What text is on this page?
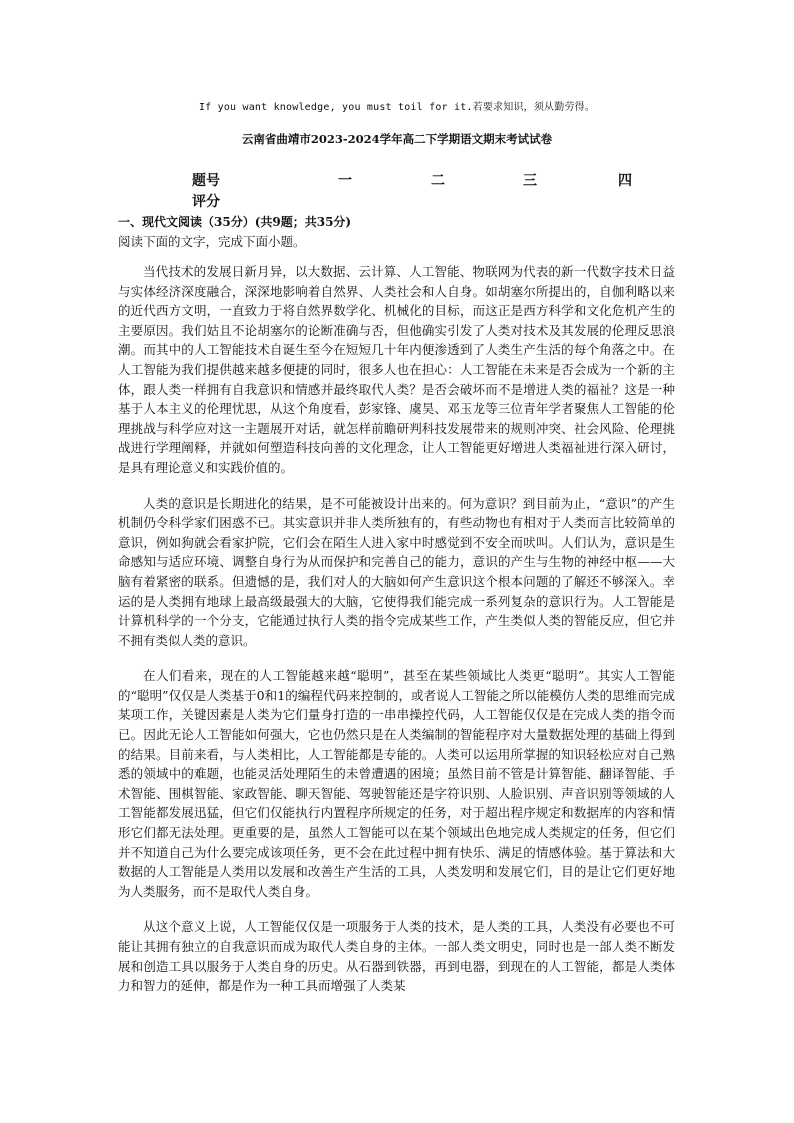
If you want knowledge, you must toil for it.若要求知识，须从勤劳得。
云南省曲靖市2023-2024学年高二下学期语文期末考试试卷
题号	一	二	三	四
评分
一、现代文阅读（35分）(共9题；共35分)
阅读下面的文字，完成下面小题。

当代技术的发展日新月异，以大数据、云计算、人工智能、物联网为代表的新一代数字技术日益与实体经济深度融合，深深地影响着自然界、人类社会和人自身。如胡塞尔所提出的，自伽利略以来的近代西方文明，一直致力于将自然界数学化、机械化的目标，而这正是西方科学和文化危机产生的主要原因。我们姑且不论胡塞尔的论断准确与否，但他确实引发了人类对技术及其发展的伦理反思浪潮。而其中的人工智能技术自诞生至今在短短几十年内便渗透到了人类生产生活的每个角落之中。在人工智能为我们提供越来越多便捷的同时，很多人也在担心：人工智能在未来是否会成为一个新的主体，跟人类一样拥有自我意识和情感并最终取代人类？是否会破坏而不是增进人类的福祉？这是一种基于人本主义的伦理忧思，从这个角度看，彭家锋、虞昊、邓玉龙等三位青年学者聚焦人工智能的伦理挑战与科学应对这一主题展开对话，就怎样前瞻研判科技发展带来的规则冲突、社会风险、伦理挑战进行学理阐释，并就如何塑造科技向善的文化理念，让人工智能更好增进人类福祉进行深入研讨，是具有理论意义和实践价值的。

人类的意识是长期进化的结果，是不可能被设计出来的。何为意识？到目前为止，“意识”的产生机制仍令科学家们困惑不已。其实意识并非人类所独有的，有些动物也有相对于人类而言比较简单的意识，例如狗就会看家护院，它们会在陌生人进入家中时感觉到不安全而吠叫。人们认为，意识是生命感知与适应环境、调整自身行为从而保护和完善自己的能力，意识的产生与生物的神经中枢——大脑有着紧密的联系。但遗憾的是，我们对人的大脑如何产生意识这个根本问题的了解还不够深入。幸运的是人类拥有地球上最高级最强大的大脑，它使得我们能完成一系列复杂的意识行为。人工智能是计算机科学的一个分支，它能通过执行人类的指令完成某些工作，产生类似人类的智能反应，但它并不拥有类似人类的意识。

在人们看来，现在的人工智能越来越“聪明”，甚至在某些领域比人类更“聪明”。其实人工智能的“聪明”仅仅是人类基于0和1的编程代码来控制的，或者说人工智能之所以能模仿人类的思维而完成某项工作，关键因素是人类为它们量身打造的一串串操控代码，人工智能仅仅是在完成人类的指令而已。因此无论人工智能如何强大，它也仍然只是在人类编制的智能程序对大量数据处理的基础上得到的结果。目前来看，与人类相比，人工智能都是专能的。人类可以运用所掌握的知识轻松应对自己熟悉的领域中的难题，也能灵活处理陌生的未曾遭遇的困境；虽然目前不管是计算智能、翻译智能、手术智能、围棋智能、家政智能、聊天智能、驾驶智能还是字符识别、人脸识别、声音识别等领域的人工智能都发展迅猛，但它们仅能执行内置程序所规定的任务，对于超出程序规定和数据库的内容和情形它们都无法处理。更重要的是，虽然人工智能可以在某个领域出色地完成人类规定的任务，但它们并不知道自己为什么要完成该项任务，更不会在此过程中拥有快乐、满足的情感体验。基于算法和大数据的人工智能是人类用以发展和改善生产生活的工具，人类发明和发展它们，目的是让它们更好地为人类服务，而不是取代人类自身。

从这个意义上说，人工智能仅仅是一项服务于人类的技术，是人类的工具，人类没有必要也不可能让其拥有独立的自我意识而成为取代人类自身的主体。一部人类文明史，同时也是一部人类不断发展和创造工具以服务于人类自身的历史。从石器到铁器，再到电器，到现在的人工智能，都是人类体力和智力的延伸，都是作为一种工具而增强了人类某
